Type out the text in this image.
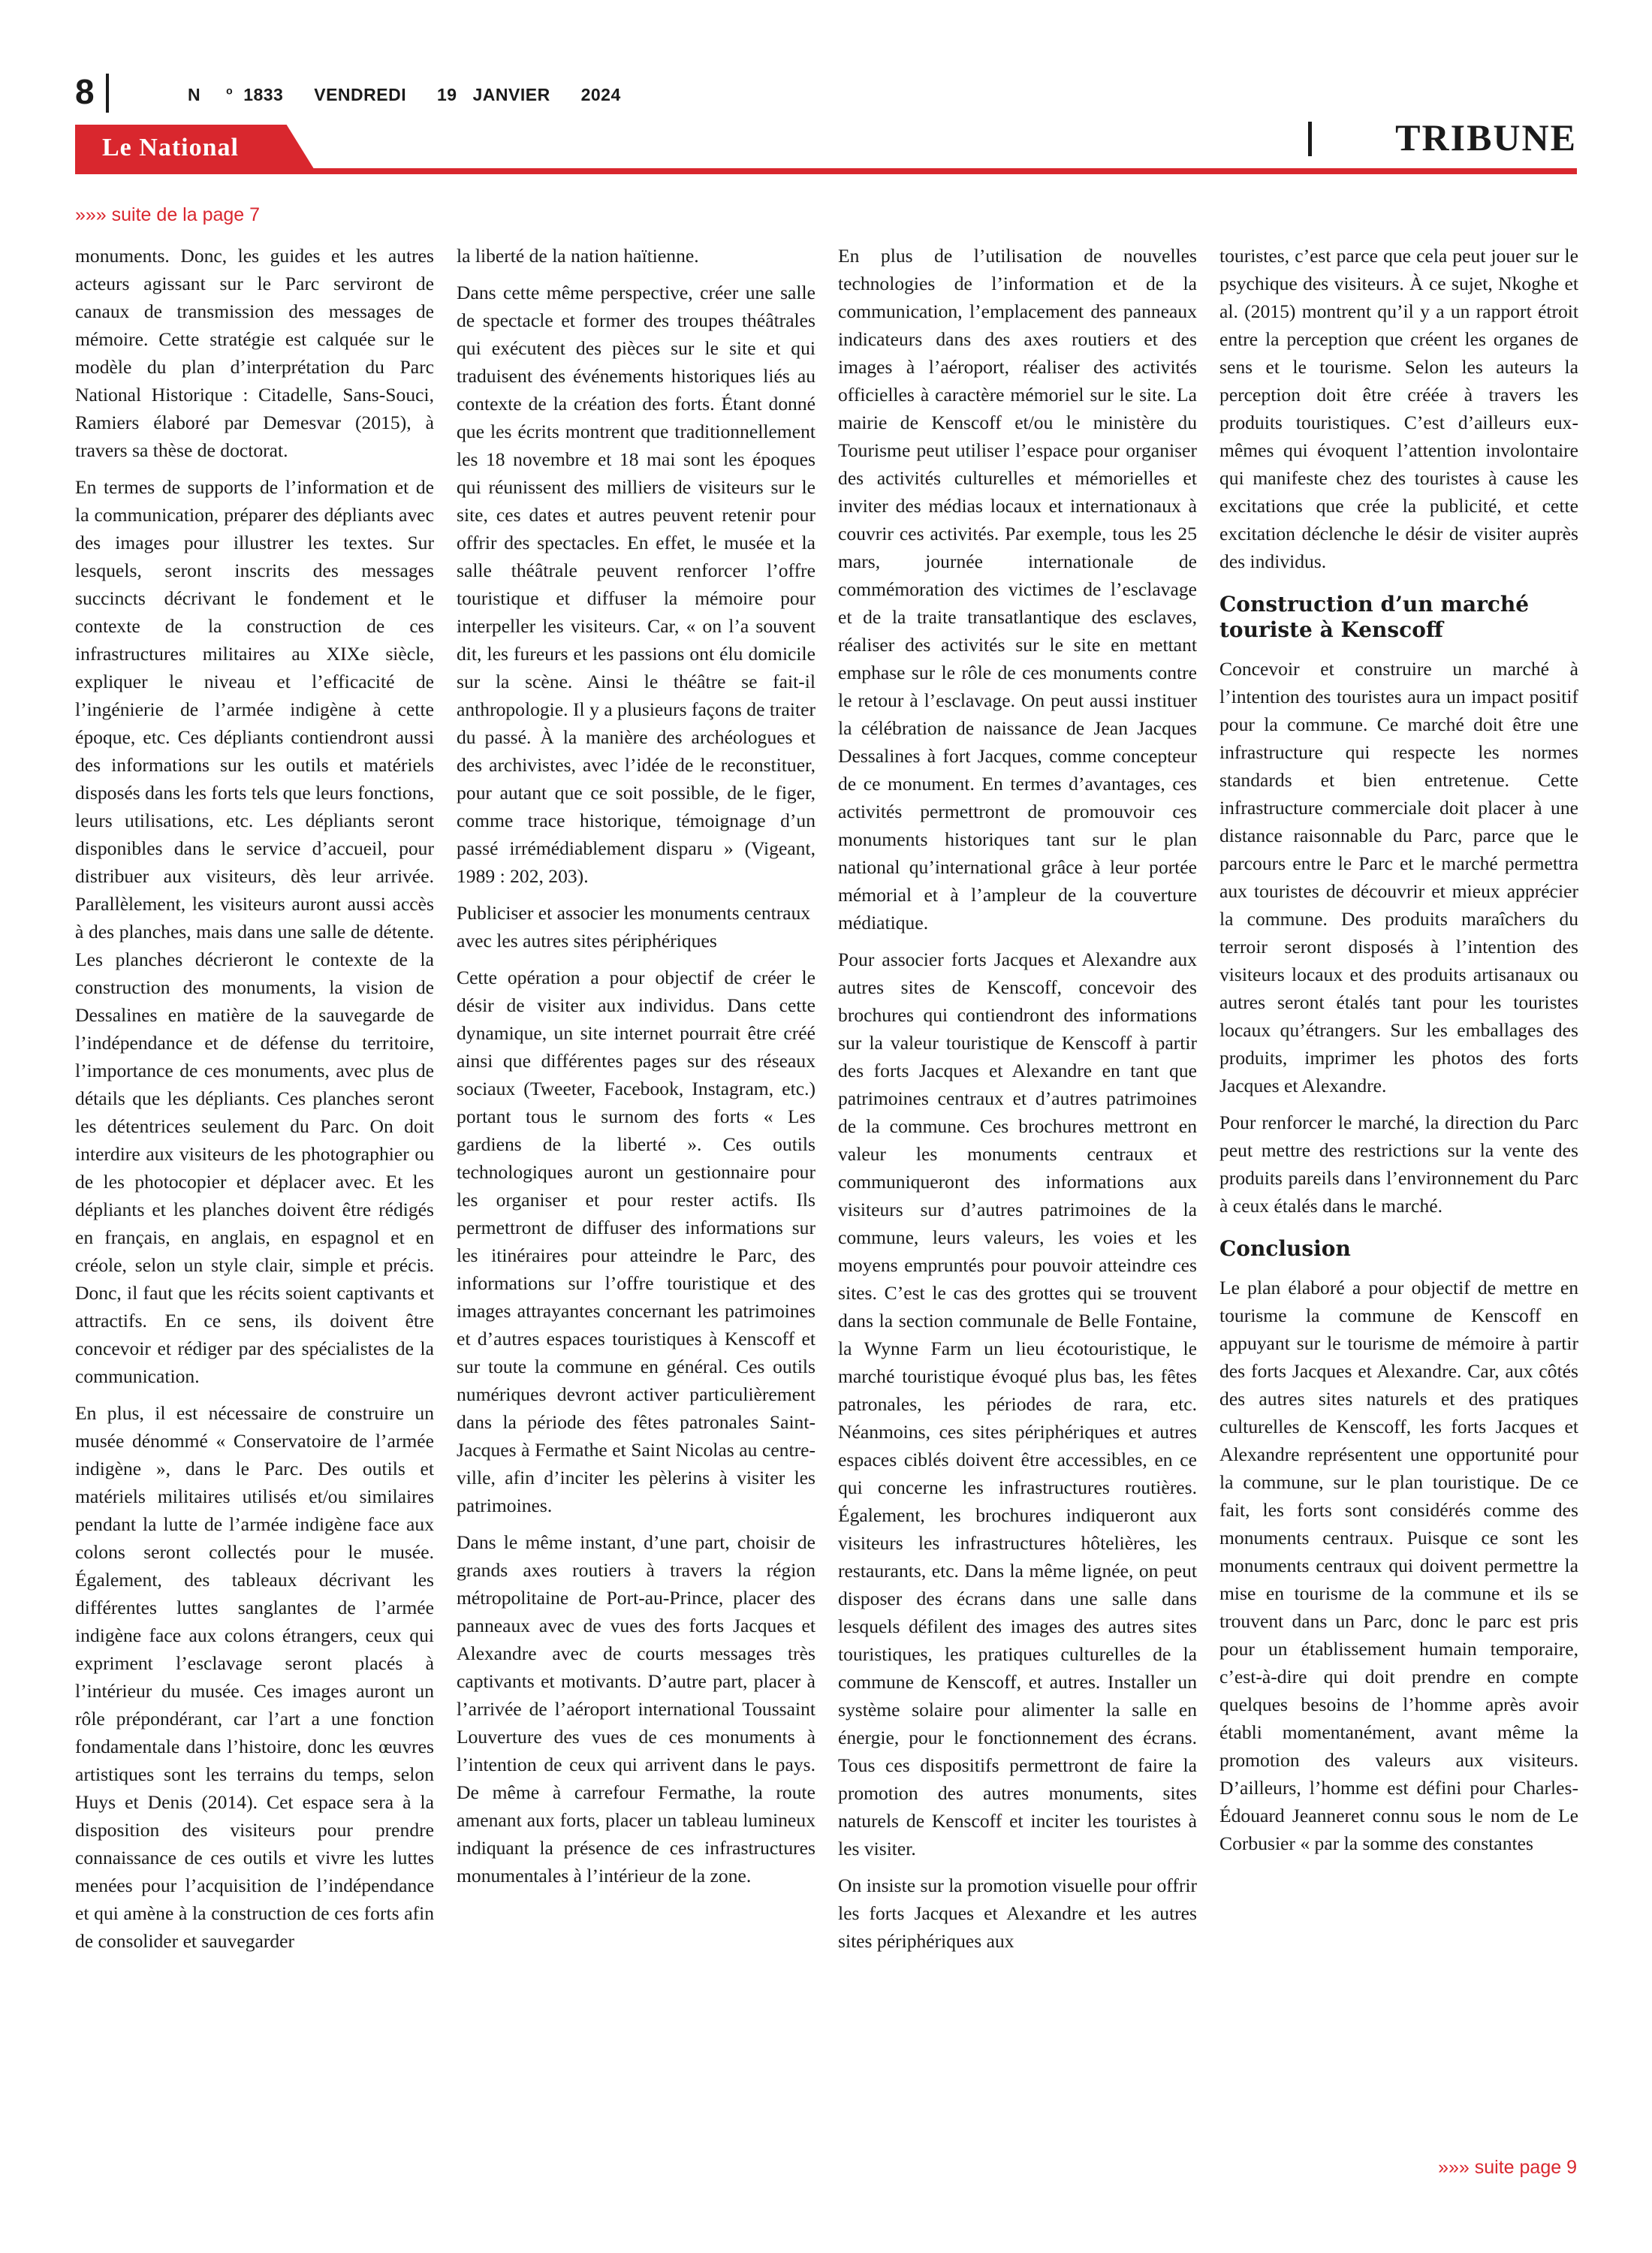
8	N $^o$ 1833 VENDREDI 19 JANVIER 2024
Le National	TRIBUNE
»»» suite de la page 7

monuments. Donc, les guides et les autres acteurs agissant sur le Parc serviront de canaux de transmission des messages de mémoire. Cette stratégie est calquée sur le modèle du plan d’interprétation du Parc National Historique : Citadelle, Sans-Souci, Ramiers élaboré par Demesvar (2015), à travers sa thèse de doctorat.

En termes de supports de l’information et de la communication, préparer des dépliants avec des images pour illustrer les textes. Sur lesquels, seront inscrits des messages succincts décrivant le fondement et le contexte de la construction de ces infrastructures militaires au XIXe siècle, expliquer le niveau et l’efficacité de l’ingénierie de l’armée indigène à cette époque, etc. Ces dépliants contiendront aussi des informations sur les outils et matériels disposés dans les forts tels que leurs fonctions, leurs utilisations, etc. Les dépliants seront disponibles dans le service d’accueil, pour distribuer aux visiteurs, dès leur arrivée. Parallèlement, les visiteurs auront aussi accès à des planches, mais dans une salle de détente. Les planches décrieront le contexte de la construction des monuments, la vision de Dessalines en matière de la sauvegarde de l’indépendance et de défense du territoire, l’importance de ces monuments, avec plus de détails que les dépliants. Ces planches seront les détentrices seulement du Parc. On doit interdire aux visiteurs de les photographier ou de les photocopier et déplacer avec. Et les dépliants et les planches doivent être rédigés en français, en anglais, en espagnol et en créole, selon un style clair, simple et précis. Donc, il faut que les récits soient captivants et attractifs. En ce sens, ils doivent être concevoir et rédiger par des spécialistes de la communication.

En plus, il est nécessaire de construire un musée dénommé « Conservatoire de l’armée indigène », dans le Parc. Des outils et matériels militaires utilisés et/ou similaires pendant la lutte de l’armée indigène face aux colons seront collectés pour le musée. Également, des tableaux décrivant les différentes luttes sanglantes de l’armée indigène face aux colons étrangers, ceux qui expriment l’esclavage seront placés à l’intérieur du musée. Ces images auront un rôle prépondérant, car l’art a une fonction fondamentale dans l’histoire, donc les œuvres artistiques sont les terrains du temps, selon Huys et Denis (2014). Cet espace sera à la disposition des visiteurs pour prendre connaissance de ces outils et vivre les luttes menées pour l’acquisition de l’indépendance et qui amène à la construction de ces forts afin de consolider et sauvegarder

la liberté de la nation haïtienne.

Dans cette même perspective, créer une salle de spectacle et former des troupes théâtrales qui exécutent des pièces sur le site et qui traduisent des événements historiques liés au contexte de la création des forts. Étant donné que les écrits montrent que traditionnellement les 18 novembre et 18 mai sont les époques qui réunissent des milliers de visiteurs sur le site, ces dates et autres peuvent retenir pour offrir des spectacles. En effet, le musée et la salle théâtrale peuvent renforcer l’offre touristique et diffuser la mémoire pour interpeller les visiteurs. Car, « on l’a souvent dit, les fureurs et les passions ont élu domicile sur la scène. Ainsi le théâtre se fait-il anthropologie. Il y a plusieurs façons de traiter du passé. À la manière des archéologues et des archivistes, avec l’idée de le reconstituer, pour autant que ce soit possible, de le figer, comme trace historique, témoignage d’un passé irrémédiablement disparu » (Vigeant, 1989 : 202, 203).

Publiciser et associer les monuments centraux avec les autres sites périphériques

Cette opération a pour objectif de créer le désir de visiter aux individus. Dans cette dynamique, un site internet pourrait être créé ainsi que différentes pages sur des réseaux sociaux (Tweeter, Facebook, Instagram, etc.) portant tous le surnom des forts « Les gardiens de la liberté ». Ces outils technologiques auront un gestionnaire pour les organiser et pour rester actifs. Ils permettront de diffuser des informations sur les itinéraires pour atteindre le Parc, des informations sur l’offre touristique et des images attrayantes concernant les patrimoines et d’autres espaces touristiques à Kenscoff et sur toute la commune en général. Ces outils numériques devront activer particulièrement dans la période des fêtes patronales Saint-Jacques à Fermathe et Saint Nicolas au centre-ville, afin d’inciter les pèlerins à visiter les patrimoines.

Dans le même instant, d’une part, choisir de grands axes routiers à travers la région métropolitaine de Port-au-Prince, placer des panneaux avec de vues des forts Jacques et Alexandre avec de courts messages très captivants et motivants. D’autre part, placer à l’arrivée de l’aéroport international Toussaint Louverture des vues de ces monuments à l’intention de ceux qui arrivent dans le pays. De même à carrefour Fermathe, la route amenant aux forts, placer un tableau lumineux indiquant la présence de ces infrastructures monumentales à l’intérieur de la zone.

En plus de l’utilisation de nouvelles technologies de l’information et de la communication, l’emplacement des panneaux indicateurs dans des axes routiers et des images à l’aéroport, réaliser des activités officielles à caractère mémoriel sur le site. La mairie de Kenscoff et/ou le ministère du Tourisme peut utiliser l’espace pour organiser des activités culturelles et mémorielles et inviter des médias locaux et internationaux à couvrir ces activités. Par exemple, tous les 25 mars, journée internationale de commémoration des victimes de l’esclavage et de la traite transatlantique des esclaves, réaliser des activités sur le site en mettant emphase sur le rôle de ces monuments contre le retour à l’esclavage. On peut aussi instituer la célébration de naissance de Jean Jacques Dessalines à fort Jacques, comme concepteur de ce monument. En termes d’avantages, ces activités permettront de promouvoir ces monuments historiques tant sur le plan national qu’international grâce à leur portée mémorial et à l’ampleur de la couverture médiatique.

Pour associer forts Jacques et Alexandre aux autres sites de Kenscoff, concevoir des brochures qui contiendront des informations sur la valeur touristique de Kenscoff à partir des forts Jacques et Alexandre en tant que patrimoines centraux et d’autres patrimoines de la commune. Ces brochures mettront en valeur les monuments centraux et communiqueront des informations aux visiteurs sur d’autres patrimoines de la commune, leurs valeurs, les voies et les moyens empruntés pour pouvoir atteindre ces sites. C’est le cas des grottes qui se trouvent dans la section communale de Belle Fontaine, la Wynne Farm un lieu écotouristique, le marché touristique évoqué plus bas, les fêtes patronales, les périodes de rara, etc. Néanmoins, ces sites périphériques et autres espaces ciblés doivent être accessibles, en ce qui concerne les infrastructures routières. Également, les brochures indiqueront aux visiteurs les infrastructures hôtelières, les restaurants, etc. Dans la même lignée, on peut disposer des écrans dans une salle dans lesquels défilent des images des autres sites touristiques, les pratiques culturelles de la commune de Kenscoff, et autres. Installer un système solaire pour alimenter la salle en énergie, pour le fonctionnement des écrans. Tous ces dispositifs permettront de faire la promotion des autres monuments, sites naturels de Kenscoff et inciter les touristes à les visiter.

On insiste sur la promotion visuelle pour offrir les forts Jacques et Alexandre et les autres sites périphériques aux

touristes, c’est parce que cela peut jouer sur le psychique des visiteurs. À ce sujet, Nkoghe et al. (2015) montrent qu’il y a un rapport étroit entre la perception que créent les organes de sens et le tourisme. Selon les auteurs la perception doit être créée à travers les produits touristiques. C’est d’ailleurs eux-mêmes qui évoquent l’attention involontaire qui manifeste chez des touristes à cause les excitations que crée la publicité, et cette excitation déclenche le désir de visiter auprès des individus.

Construction d’un marché touriste à Kenscoff

Concevoir et construire un marché à l’intention des touristes aura un impact positif pour la commune. Ce marché doit être une infrastructure qui respecte les normes standards et bien entretenue. Cette infrastructure commerciale doit placer à une distance raisonnable du Parc, parce que le parcours entre le Parc et le marché permettra aux touristes de découvrir et mieux apprécier la commune. Des produits maraîchers du terroir seront disposés à l’intention des visiteurs locaux et des produits artisanaux ou autres seront étalés tant pour les touristes locaux qu’étrangers. Sur les emballages des produits, imprimer les photos des forts Jacques et Alexandre.

Pour renforcer le marché, la direction du Parc peut mettre des restrictions sur la vente des produits pareils dans l’environnement du Parc à ceux étalés dans le marché.

Conclusion

Le plan élaboré a pour objectif de mettre en tourisme la commune de Kenscoff en appuyant sur le tourisme de mémoire à partir des forts Jacques et Alexandre. Car, aux côtés des autres sites naturels et des pratiques culturelles de Kenscoff, les forts Jacques et Alexandre représentent une opportunité pour la commune, sur le plan touristique. De ce fait, les forts sont considérés comme des monuments centraux. Puisque ce sont les monuments centraux qui doivent permettre la mise en tourisme de la commune et ils se trouvent dans un Parc, donc le parc est pris pour un établissement humain temporaire, c’est-à-dire qui doit prendre en compte quelques besoins de l’homme après avoir établi momentanément, avant même la promotion des valeurs aux visiteurs. D’ailleurs, l’homme est défini pour Charles-Édouard Jeanneret connu sous le nom de Le Corbusier « par la somme des constantes

»»» suite page 9
